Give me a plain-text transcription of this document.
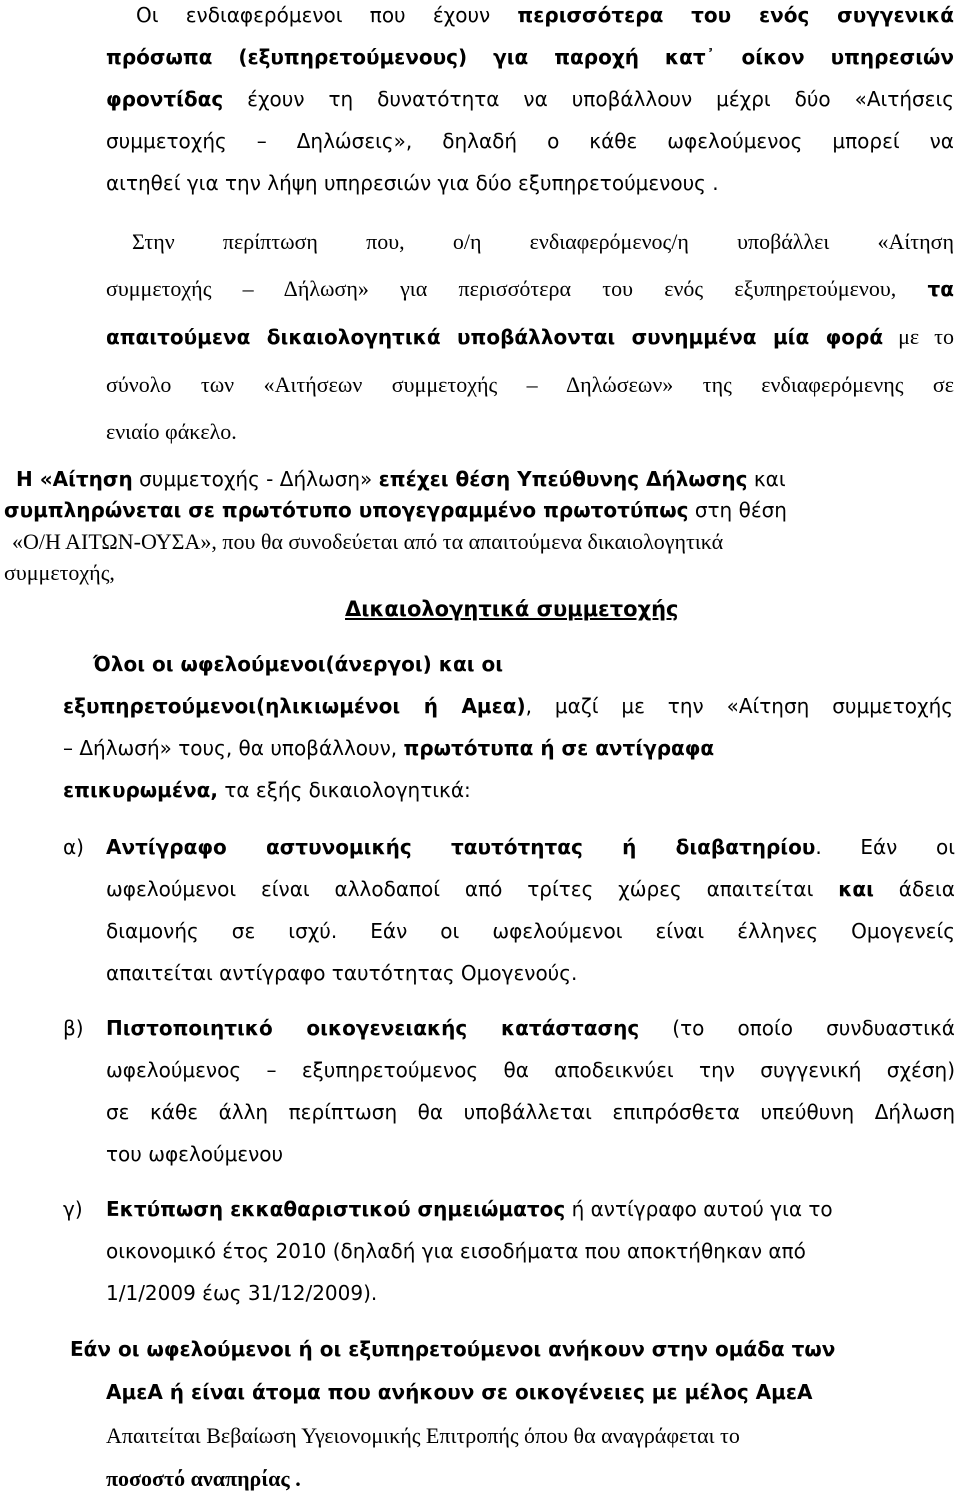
Οι ενδιαφερόμενοι που έχουν περισσότερα του ενός συγγενικά
πρόσωπα (εξυπηρετούμενους) για παροχή κατ᾽ οίκον υπηρεσιών
φροντίδας έχουν τη δυνατότητα να υποβάλλουν μέχρι δύο «Αιτήσεις
συμμετοχής – Δηλώσεις», δηλαδή ο κάθε ωφελούμενος μπορεί να
αιτηθεί για την λήψη υπηρεσιών για δύο εξυπηρετούμενους .
Στην περίπτωση που, ο/η ενδιαφερόμενος/η υποβάλλει «Αίτηση
συμμετοχής – Δήλωση» για περισσότερα του ενός εξυπηρετούμενου, τα
απαιτούμενα δικαιολογητικά υποβάλλονται συνημμένα μία φορά με το
σύνολο των «Αιτήσεων συμμετοχής – Δηλώσεων» της ενδιαφερόμενης σε
ενιαίο φάκελο.
Η «Αίτηση συμμετοχής - Δήλωση» επέχει θέση Υπεύθυνης Δήλωσης και
συμπληρώνεται σε πρωτότυπο υπογεγραμμένο πρωτοτύπως στη θέση
«Ο/Η ΑΙΤΩΝ-ΟΥΣΑ», που θα συνοδεύεται από τα απαιτούμενα δικαιολογητικά
συμμετοχής,
Δικαιολογητικά συμμετοχής
Όλοι οι ωφελούμενοι(άνεργοι) και οι
εξυπηρετούμενοι(ηλικιωμένοι ή Αμεα), μαζί με την «Αίτηση συμμετοχής
– Δήλωσή» τους, θα υποβάλλουν, πρωτότυπα ή σε αντίγραφα
επικυρωμένα, τα εξής δικαιολογητικά:
α) Αντίγραφο αστυνομικής ταυτότητας ή διαβατηρίου. Εάν οι
ωφελούμενοι είναι αλλοδαποί από τρίτες χώρες απαιτείται και άδεια
διαμονής σε ισχύ. Εάν οι ωφελούμενοι είναι έλληνες Ομογενείς
απαιτείται αντίγραφο ταυτότητας Ομογενούς.
β) Πιστοποιητικό οικογενειακής κατάστασης (το οποίο συνδυαστικά
ωφελούμενος – εξυπηρετούμενος θα αποδεικνύει την συγγενική σχέση)
σε κάθε άλλη περίπτωση θα υποβάλλεται επιπρόσθετα υπεύθυνη Δήλωση
του ωφελούμενου
γ) Εκτύπωση εκκαθαριστικού σημειώματος ή αντίγραφο αυτού για το
οικονομικό έτος 2010 (δηλαδή για εισοδήματα που αποκτήθηκαν από
1/1/2009 έως 31/12/2009).
Εάν οι ωφελούμενοι ή οι εξυπηρετούμενοι ανήκουν στην ομάδα των
ΑμεΑ ή είναι άτομα που ανήκουν σε οικογένειες με μέλος ΑμεΑ
Απαιτείται Βεβαίωση Υγειονομικής Επιτροπής όπου θα αναγράφεται το
ποσοστό αναπηρίας .
